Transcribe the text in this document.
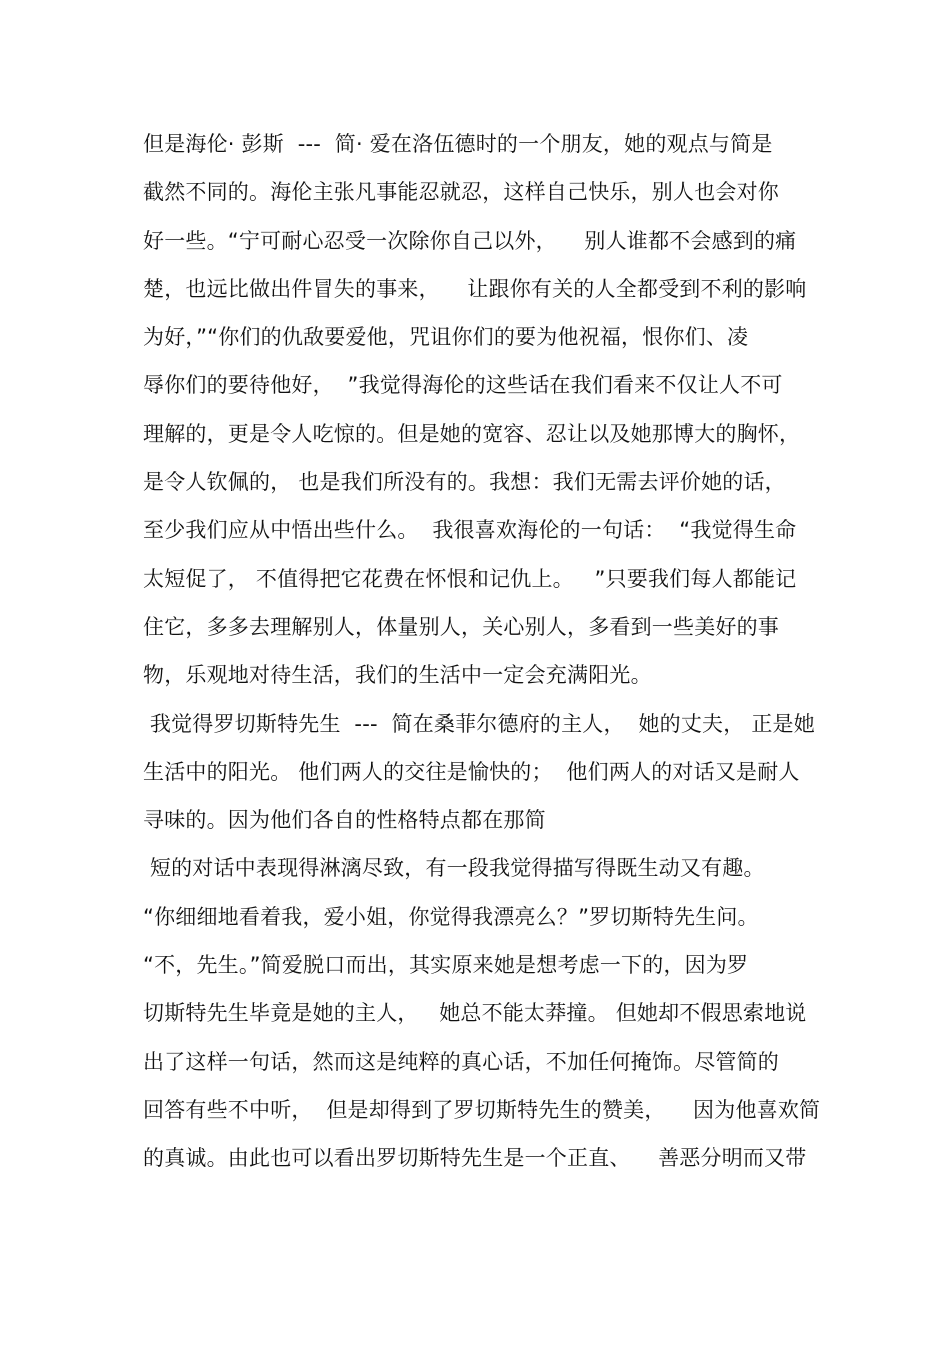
但是海伦· 彭斯  ---  简· 爱在洛伍德时的一个朋友，她的观点与简是
截然不同的。海伦主张凡事能忍就忍，这样自己快乐，别人也会对你
好一些。“宁可耐心忍受一次除你自己以外，    别人谁都不会感到的痛
楚，也远比做出件冒失的事来，    让跟你有关的人全都受到不利的影响
为好，”“你们的仇敌要爱他，咒诅你们的要为他祝福，恨你们、凌
辱你们的要待他好，  ”我觉得海伦的这些话在我们看来不仅让人不可
理解的，更是令人吃惊的。但是她的宽容、忍让以及她那博大的胸怀，
是令人钦佩的， 也是我们所没有的。我想：我们无需去评价她的话，
至少我们应从中悟出些什么。  我很喜欢海伦的一句话：  “我觉得生命
太短促了， 不值得把它花费在怀恨和记仇上。   ”只要我们每人都能记
住它，多多去理解别人，体量别人，关心别人，多看到一些美好的事
物，乐观地对待生活，我们的生活中一定会充满阳光。
我觉得罗切斯特先生  ---  简在桑菲尔德府的主人，  她的丈夫， 正是她
生活中的阳光。 他们两人的交往是愉快的；  他们两人的对话又是耐人
寻味的。因为他们各自的性格特点都在那简
短的对话中表现得淋漓尽致，有一段我觉得描写得既生动又有趣。
“你细细地看着我，爱小姐，你觉得我漂亮么？”罗切斯特先生问。
“不，先生。”简爱脱口而出，其实原来她是想考虑一下的，因为罗
切斯特先生毕竟是她的主人，   她总不能太莽撞。 但她却不假思索地说
出了这样一句话，然而这是纯粹的真心话，不加任何掩饰。尽管简的
回答有些不中听，  但是却得到了罗切斯特先生的赞美，    因为他喜欢简
的真诚。由此也可以看出罗切斯特先生是一个正直、    善恶分明而又带
